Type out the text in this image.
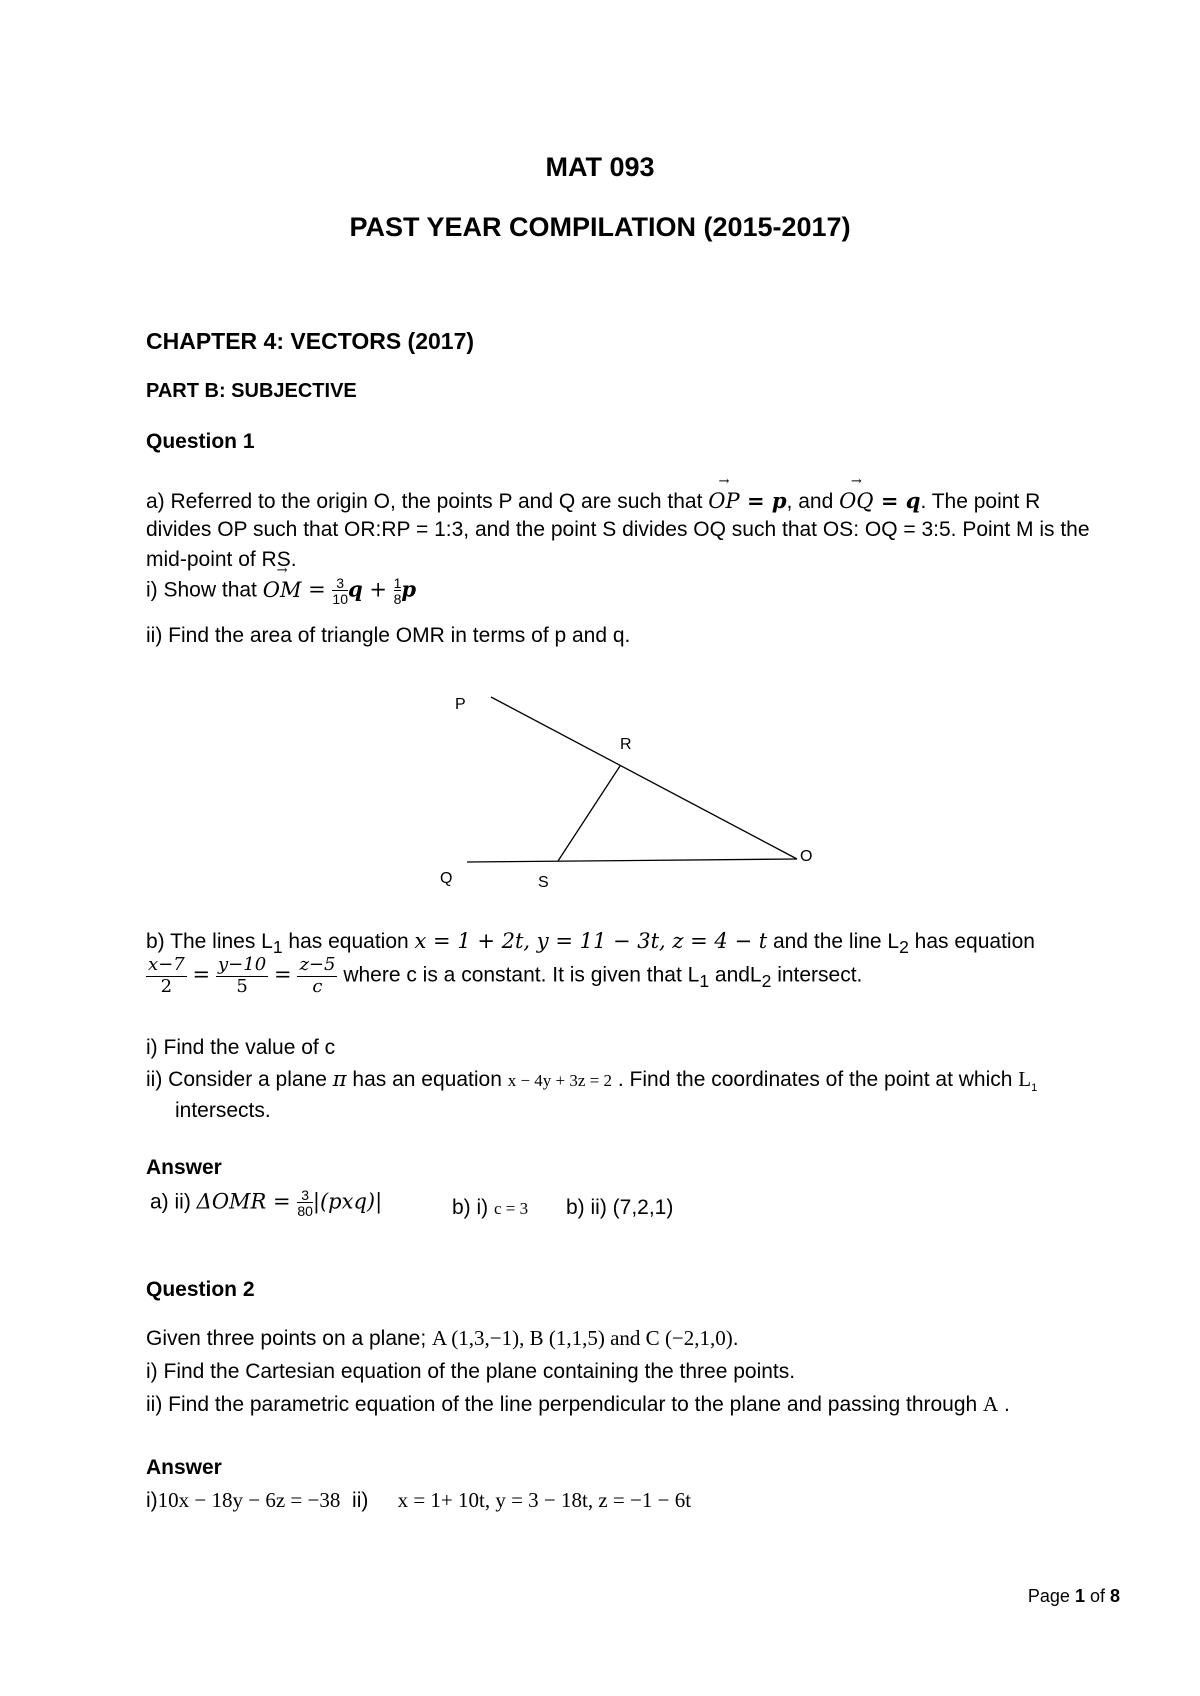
MAT 093
PAST YEAR COMPILATION (2015-2017)
CHAPTER 4: VECTORS (2017)
PART B: SUBJECTIVE
Question 1
a) Referred to the origin O, the points P and Q are such that → OP = p, and → OQ = q. The point R
divides OP such that OR:RP = 1:3, and the point S divides OQ such that OS: OQ = 3:5. Point M is the
mid-point of RS.
i) Show that → OM = $\frac{3}{10}$ $q + \frac{1}{8}$ p
ii) Find the area of triangle OMR in terms of p and q.
P
R
O
Q	S
b) The lines $L_1$ has equation x = 1 + 2t, y = 11 − 3t, z = 4 − t and the line $L_2$ has equation
$\frac{x-7}{2} = \frac{y-10}{5} = \frac{z-5}{c}$ where c is a constant. It is given that $L_1$ andL$_2$ intersect.
i) Find the value of c
ii) Consider a plane π has an equation x − 4y + 3z = 2 . Find the coordinates of the point at which $L_1$
intersects.
Answer
a) ii) $\Delta OMR = \frac{3}{80} |(pxq)|$	b) i) c = 3 b) ii) (7,2,1)
Question 2
Given three points on a plane; A (1,3,−1), B (1,1,5) and C (−2,1,0).
i) Find the Cartesian equation of the plane containing the three points.
ii) Find the parametric equation of the line perpendicular to the plane and passing through A .
Answer
i)10x − 18y − 6z = −38 ii) x = 1+ 10t, y = 3 − 18t, z = −1 − 6t
Page 1 of 8
